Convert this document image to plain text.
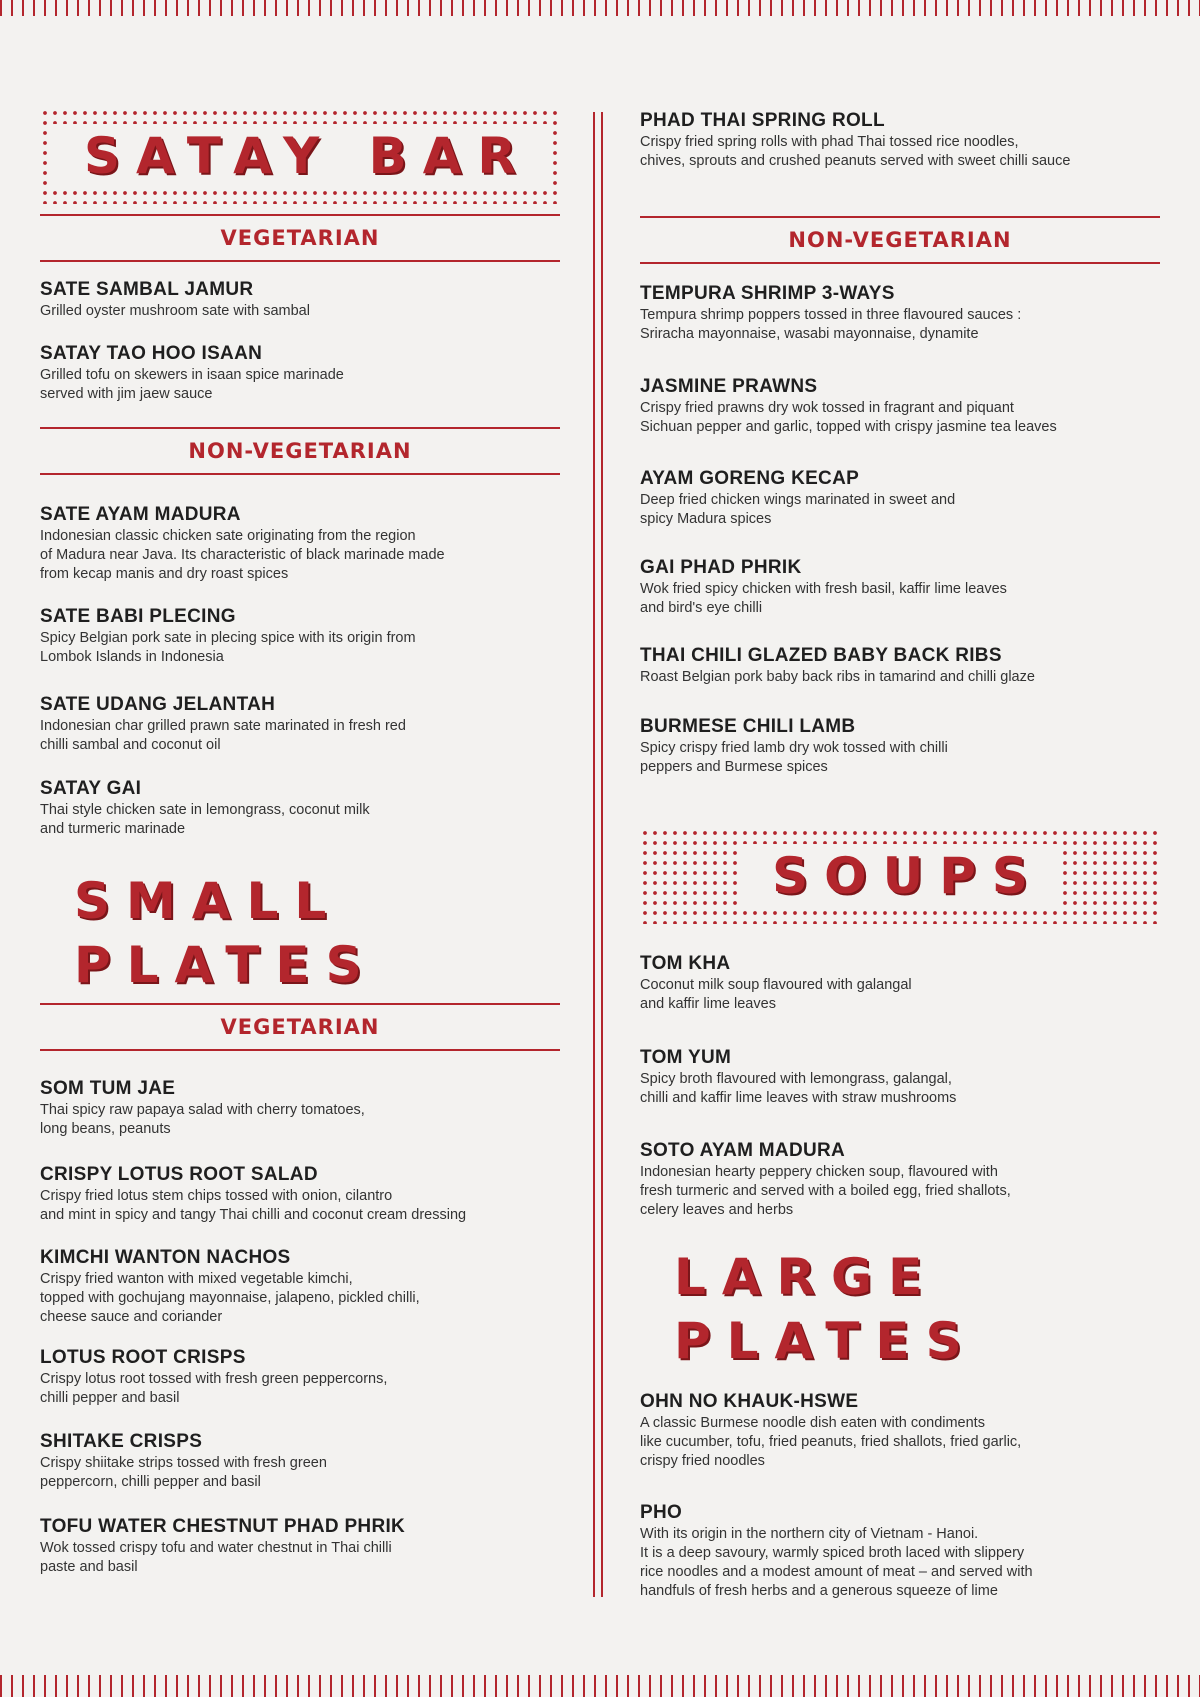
SATAY BAR
VEGETARIAN
SATE SAMBAL JAMUR
Grilled oyster mushroom sate with sambal
SATAY TAO HOO ISAAN
Grilled tofu on skewers in isaan spice marinade
served with jim jaew sauce
NON-VEGETARIAN
SATE AYAM MADURA
Indonesian classic chicken sate originating from the region
of Madura near Java. Its characteristic of black marinade made
from kecap manis and dry roast spices
SATE BABI PLECING
Spicy Belgian pork sate in plecing spice with its origin from
Lombok Islands in Indonesia
SATE UDANG JELANTAH
Indonesian char grilled prawn sate marinated in fresh red
chilli sambal and coconut oil
SATAY GAI
Thai style chicken sate in lemongrass, coconut milk
and turmeric marinade
SMALL PLATES
VEGETARIAN
SOM TUM JAE
Thai spicy raw papaya salad with cherry tomatoes,
long beans, peanuts
CRISPY LOTUS ROOT SALAD
Crispy fried lotus stem chips tossed with onion, cilantro
and mint in spicy and tangy Thai chilli and coconut cream dressing
KIMCHI WANTON NACHOS
Crispy fried wanton with mixed vegetable kimchi,
topped with gochujang mayonnaise, jalapeno, pickled chilli,
cheese sauce and coriander
LOTUS ROOT CRISPS
Crispy lotus root tossed with fresh green peppercorns,
chilli pepper and basil
SHITAKE CRISPS
Crispy shiitake strips tossed with fresh green
peppercorn, chilli pepper and basil
TOFU WATER CHESTNUT PHAD PHRIK
Wok tossed crispy tofu and water chestnut in Thai chilli
paste and basil
PHAD THAI SPRING ROLL
Crispy fried spring rolls with phad Thai tossed rice noodles,
chives, sprouts and crushed peanuts served with sweet chilli sauce
NON-VEGETARIAN
TEMPURA SHRIMP 3-WAYS
Tempura shrimp poppers tossed in three flavoured sauces :
Sriracha mayonnaise, wasabi mayonnaise, dynamite
JASMINE PRAWNS
Crispy fried prawns dry wok tossed in fragrant and piquant
Sichuan pepper and garlic, topped with crispy jasmine tea leaves
AYAM GORENG KECAP
Deep fried chicken wings marinated in sweet and
spicy Madura spices
GAI PHAD PHRIK
Wok fried spicy chicken with fresh basil, kaffir lime leaves
and bird's eye chilli
THAI CHILI GLAZED BABY BACK RIBS
Roast Belgian pork baby back ribs in tamarind and chilli glaze
BURMESE CHILI LAMB
Spicy crispy fried lamb dry wok tossed with chilli
peppers and Burmese spices
SOUPS
TOM KHA
Coconut milk soup flavoured with galangal
and kaffir lime leaves
TOM YUM
Spicy broth flavoured with lemongrass, galangal,
chilli and kaffir lime leaves with straw mushrooms
SOTO AYAM MADURA
Indonesian hearty peppery chicken soup, flavoured with
fresh turmeric and served with a boiled egg, fried shallots,
celery leaves and herbs
LARGE PLATES
OHN NO KHAUK-HSWE
A classic Burmese noodle dish eaten with condiments
like cucumber, tofu, fried peanuts, fried shallots, fried garlic,
crispy fried noodles
PHO
With its origin in the northern city of Vietnam - Hanoi.
It is a deep savoury, warmly spiced broth laced with slippery
rice noodles and a modest amount of meat – and served with
handfuls of fresh herbs and a generous squeeze of lime
